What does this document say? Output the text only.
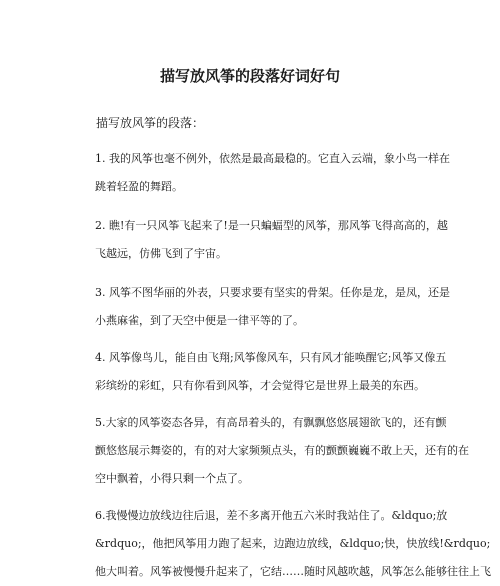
描写放风筝的段落好词好句
描写放风筝的段落：
1. 我的风筝也毫不例外，依然是最高最稳的。它直入云端，象小鸟一样在
跳着轻盈的舞蹈。
2. 瞧!有一只风筝飞起来了!是一只蝙蝠型的风筝，那风筝飞得高高的，越
飞越远，仿佛飞到了宇宙。
3. 风筝不图华丽的外表，只要求要有坚实的骨架。任你是龙，是凤，还是
小燕麻雀，到了天空中便是一律平等的了。
4. 风筝像鸟儿，能自由飞翔;风筝像风车，只有风才能唤醒它;风筝又像五
彩缤纷的彩虹，只有你看到风筝，才会觉得它是世界上最美的东西。
5.大家的风筝姿态各异，有高昂着头的，有飘飘悠悠展翅欲飞的，还有颤
颤悠悠展示舞姿的，有的对大家频频点头，有的颤颤巍巍不敢上天，还有的在
空中飘着，小得只剩一个点了。
6.我慢慢边放线边往后退，差不多离开他五六米时我站住了。&ldquo;放
&rdquo;，他把风筝用力跑了起来，边跑边放线，&ldquo;快，快放线!&rdquo;
他大叫着。风筝被慢慢升起来了，它结……随时风越吹越，风筝怎么能够往往上飞
